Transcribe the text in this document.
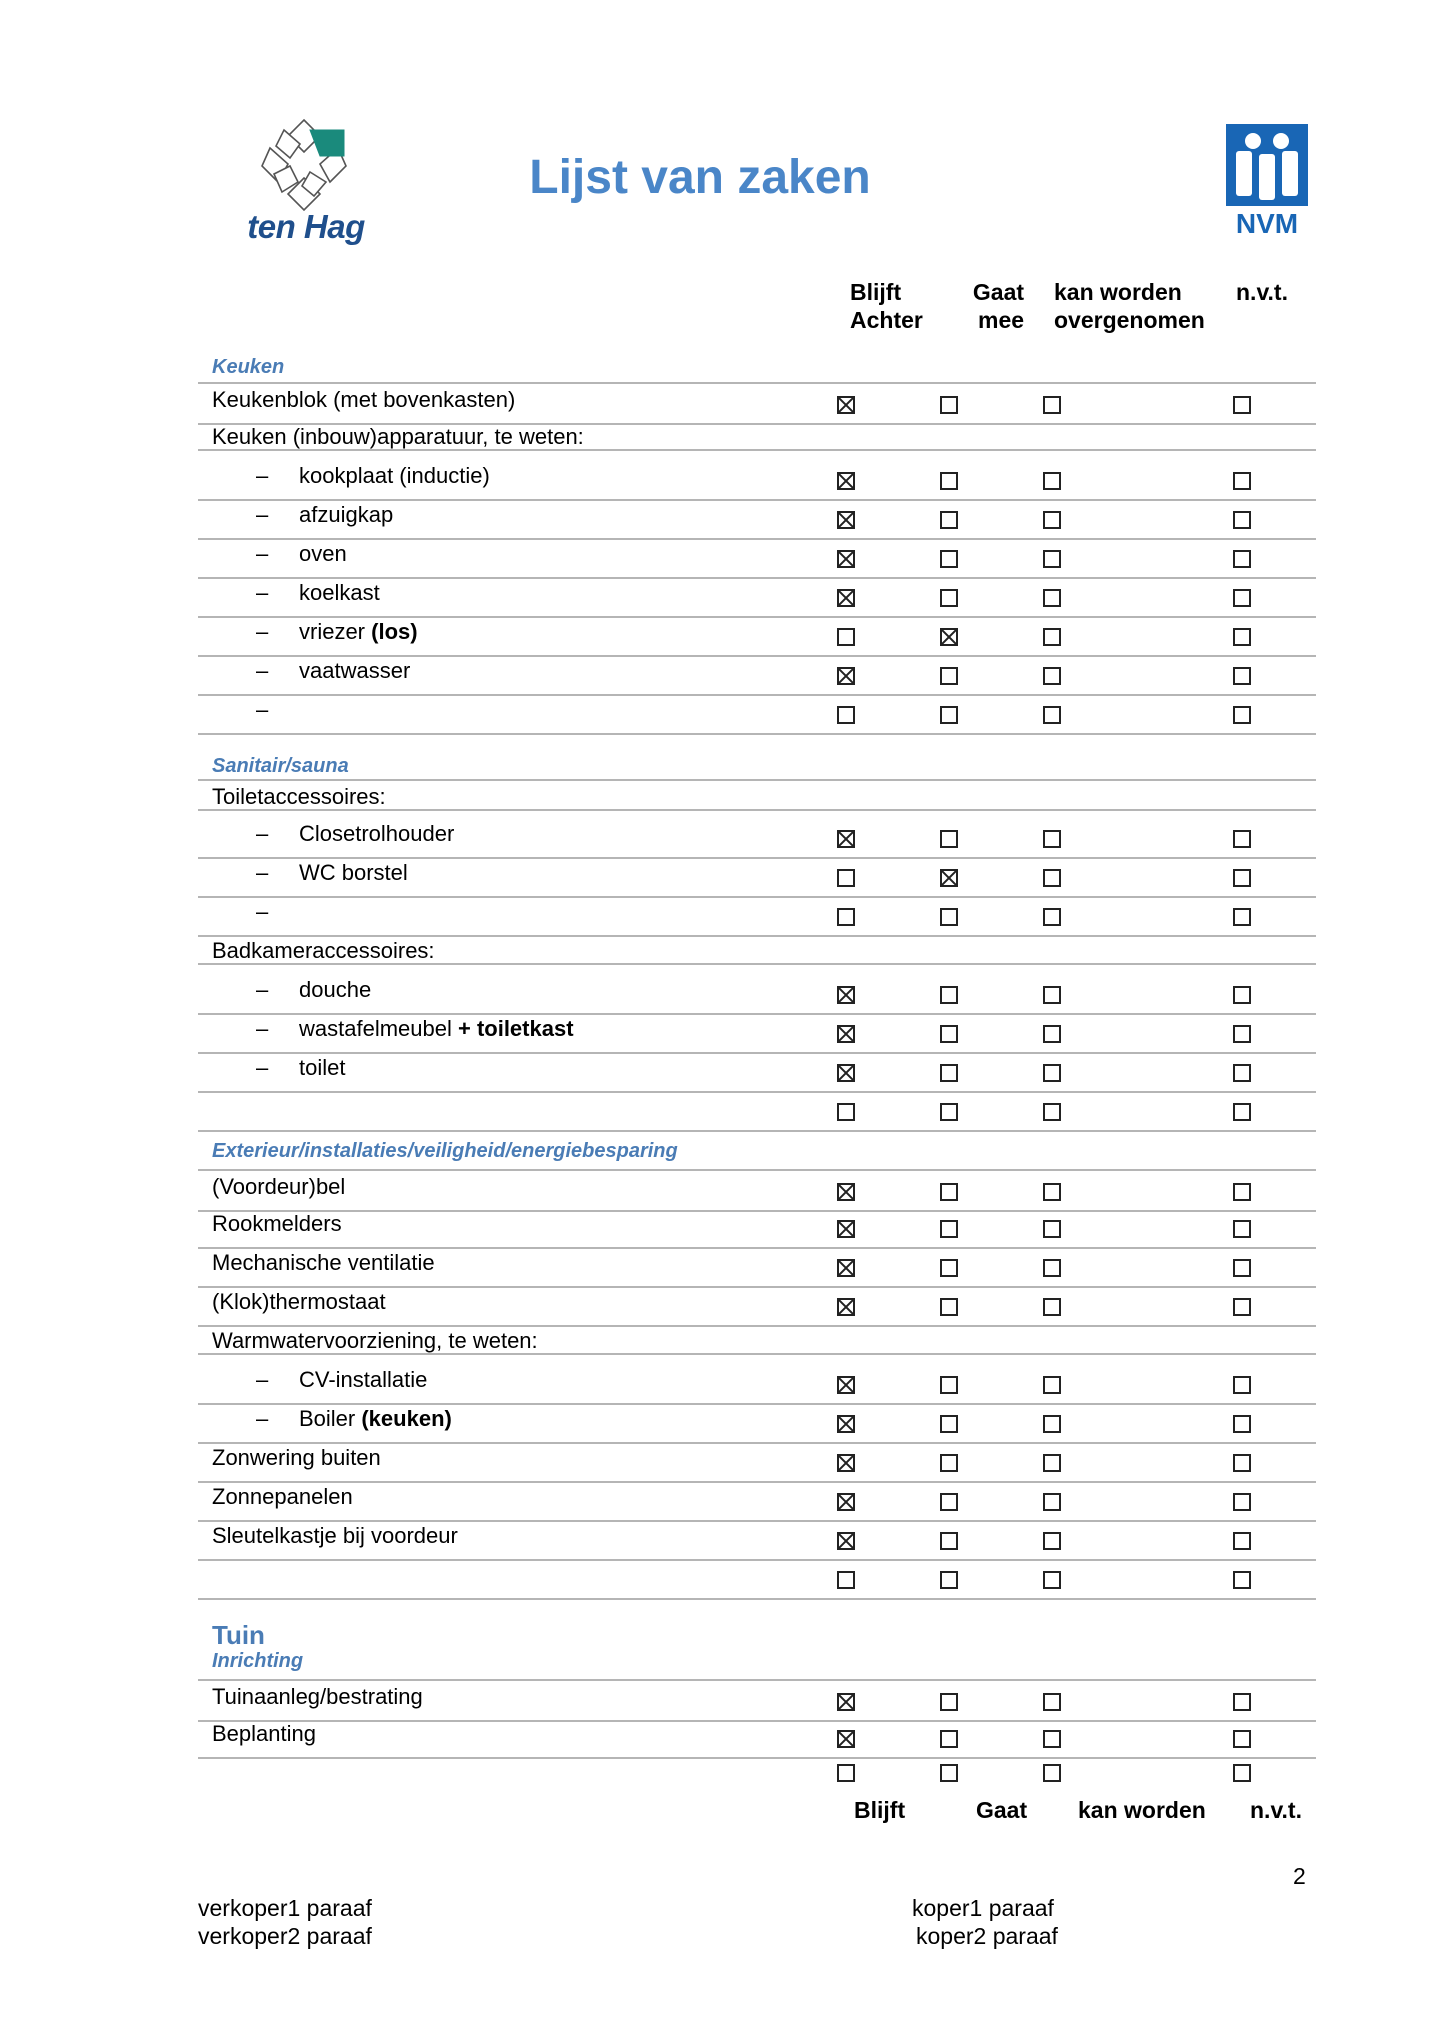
ten Hag
Lijst van zaken
NVM
Blijft
Achter
Gaat
mee
kan worden
overgenomen
n.v.t.
Keuken
Keukenblok (met bovenkasten)
Keuken (inbouw)apparatuur, te weten:
– kookplaat (inductie)
– afzuigkap
– oven
– koelkast
– vriezer (los)
– vaatwasser
–
Sanitair/sauna
Toiletaccessoires:
– Closetrolhouder
– WC borstel
–
Badkameraccessoires:
– douche
– wastafelmeubel + toiletkast
– toilet
Exterieur/installaties/veiligheid/energiebesparing
(Voordeur)bel
Rookmelders
Mechanische ventilatie
(Klok)thermostaat
Warmwatervoorziening, te weten:
– CV-installatie
– Boiler (keuken)
Zonwering buiten
Zonnepanelen
Sleutelkastje bij voordeur
Tuin
Inrichting
Tuinaanleg/bestrating
Beplanting
Blijft	Gaat kan worden n.v.t.
2
verkoper1 paraaf
verkoper2 paraaf
koper1 paraaf
koper2 paraaf
